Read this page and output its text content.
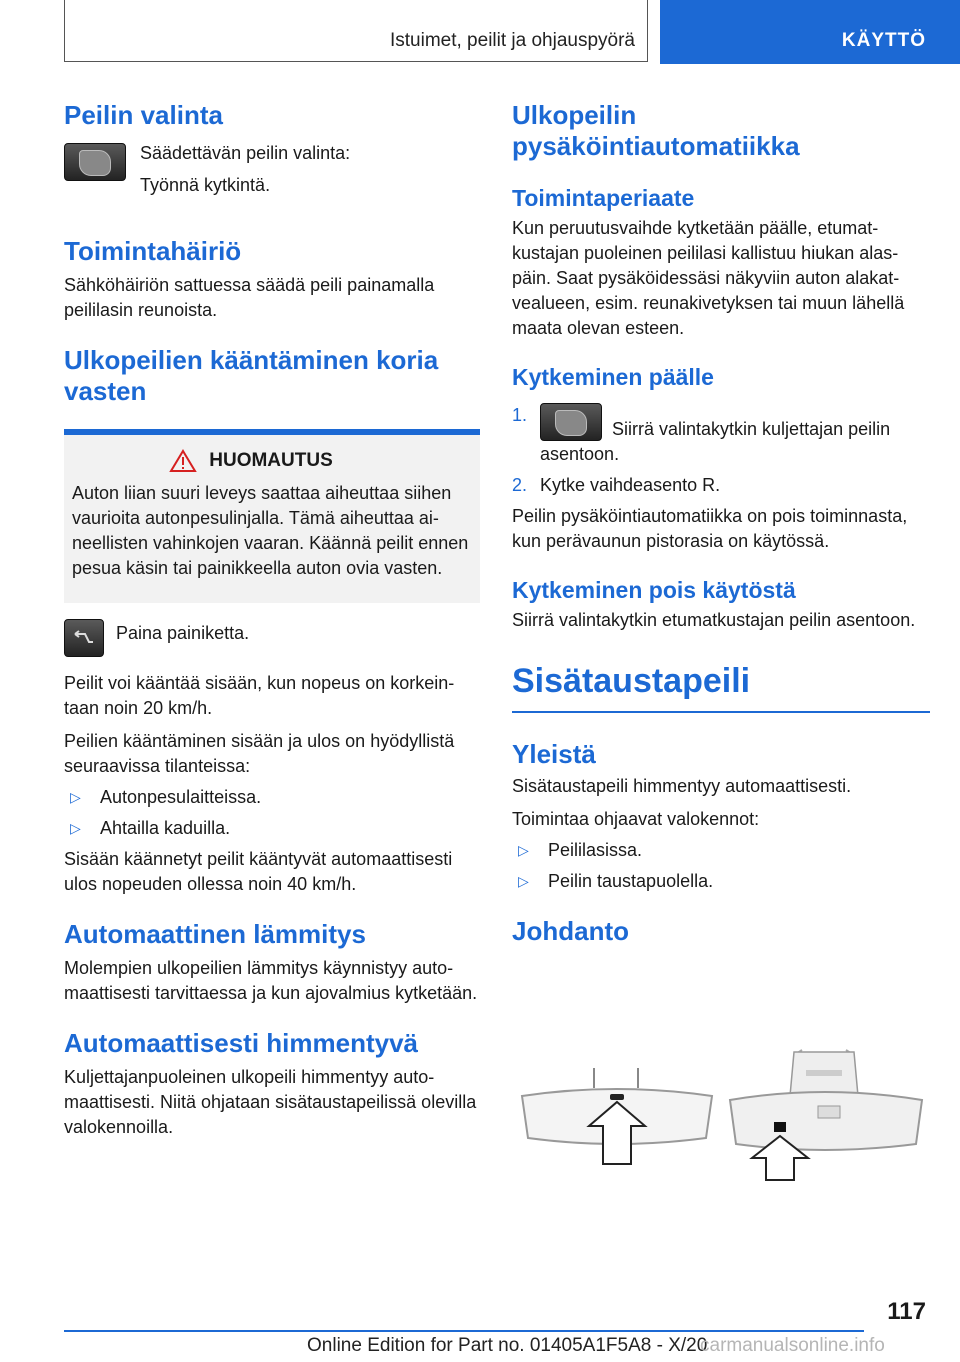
Istuimet, peilit ja ohjauspyörä	KÄYTTÖ
Peilin valinta

Säädettävän peilin valinta:

Työnnä kytkintä.

Toimintahäiriö

Sähköhäiriön sattuessa säädä peili painamalla peililasin reunoista.

Ulkopeilien kääntäminen koria vasten
HUOMAUTUS

Auton liian suuri leveys saattaa aiheuttaa siihen vaurioita autonpesulinjalla. Tämä aiheuttaa aineellisten vahinkojen vaaran. Käännä peilit ennen pesua käsin tai painikkeella auton ovia vasten.

Paina painiketta.

Peilit voi kääntää sisään, kun nopeus on korkeintaan noin 20 km/h.

Peilien kääntäminen sisään ja ulos on hyödyllistä seuraavissa tilanteissa:

▷	Autonpesulaitteissa.
▷	Ahtailla kaduilla.

Sisään käännetyt peilit kääntyvät automaattisesti ulos nopeuden ollessa noin 40 km/h.

Automaattinen lämmitys

Molempien ulkopeilien lämmitys käynnistyy automaattisesti tarvittaessa ja kun ajovalmius kytketään.

Automaattisesti himmentyvä

Kuljettajanpuoleinen ulkopeili himmentyy automaattisesti. Niitä ohjataan sisätaustapeilissä olevilla valokennoilla.

Ulkopeilin pysäköintiautomatiikka
Toimintaperiaate

Kun peruutusvaihde kytketään päälle, etumatkustajan puoleinen peililasi kallistuu hiukan alaspäin. Saat pysäköidessäsi näkyviin auton alakatvealueen, esim. reunakivetyksen tai muun lähellä maata olevan esteen.

Kytkeminen päälle
1.
Siirrä valintakytkin kuljettajan peilin asentoon.
2. Kytke vaihdeasento R.

Peilin pysäköintiautomatiikka on pois toiminnasta, kun perävaunun pistorasia on käytössä.

Kytkeminen pois käytöstä

Siirrä valintakytkin etumatkustajan peilin asentoon.

Sisätaustapeili
Yleistä

Sisätaustapeili himmentyy automaattisesti.

Toimintaa ohjaavat valokennot:

▷	Peililasissa.
▷	Peilin taustapuolella.
Johdanto
117
Online Edition for Part no. 01405A1F5A8 - X/20
carmanualsonline.info
